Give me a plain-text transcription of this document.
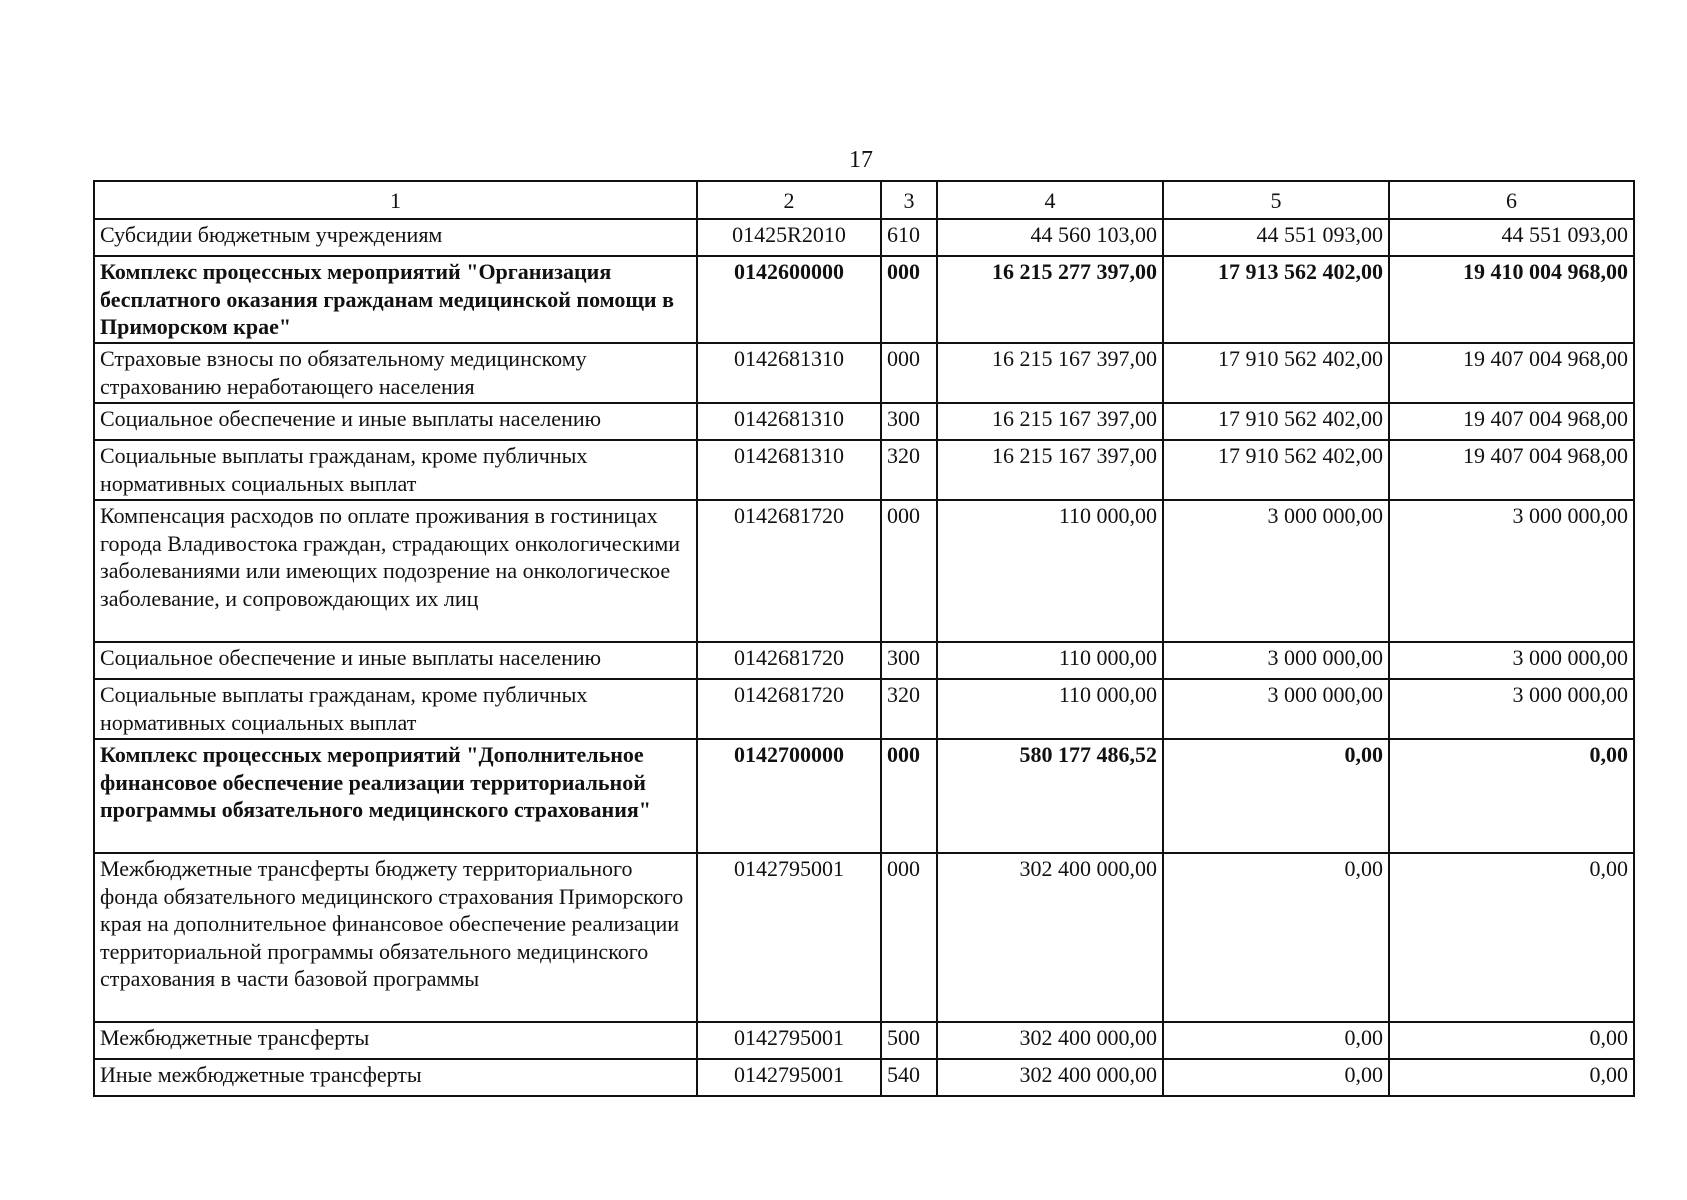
17
1	2	3	4	5	6
Субсидии бюджетным учреждениям	01425R2010	610	44 560 103,00	44 551 093,00	44 551 093,00
Комплекс процессных мероприятий "Организация бесплатного оказания гражданам медицинской помощи в Приморском крае"	0142600000	000	16 215 277 397,00	17 913 562 402,00	19 410 004 968,00
Страховые взносы по обязательному медицинскому страхованию неработающего населения	0142681310	000	16 215 167 397,00	17 910 562 402,00	19 407 004 968,00
Социальное обеспечение и иные выплаты населению	0142681310	300	16 215 167 397,00	17 910 562 402,00	19 407 004 968,00
Социальные выплаты гражданам, кроме публичных нормативных социальных выплат	0142681310	320	16 215 167 397,00	17 910 562 402,00	19 407 004 968,00
Компенсация расходов по оплате проживания в гостиницах города Владивостока граждан, страдающих онкологическими заболеваниями или имеющих подозрение на онкологическое заболевание, и сопровождающих их лиц	0142681720	000	110 000,00	3 000 000,00	3 000 000,00
Социальное обеспечение и иные выплаты населению	0142681720	300	110 000,00	3 000 000,00	3 000 000,00
Социальные выплаты гражданам, кроме публичных нормативных социальных выплат	0142681720	320	110 000,00	3 000 000,00	3 000 000,00
Комплекс процессных мероприятий "Дополнительное финансовое обеспечение реализации территориальной программы обязательного медицинского страхования"	0142700000	000	580 177 486,52	0,00	0,00
Межбюджетные трансферты бюджету территориального фонда обязательного медицинского страхования Приморского края на дополнительное финансовое обеспечение реализации территориальной программы обязательного медицинского страхования в части базовой программы	0142795001	000	302 400 000,00	0,00	0,00
Межбюджетные трансферты	0142795001	500	302 400 000,00	0,00	0,00
Иные межбюджетные трансферты	0142795001	540	302 400 000,00	0,00	0,00
